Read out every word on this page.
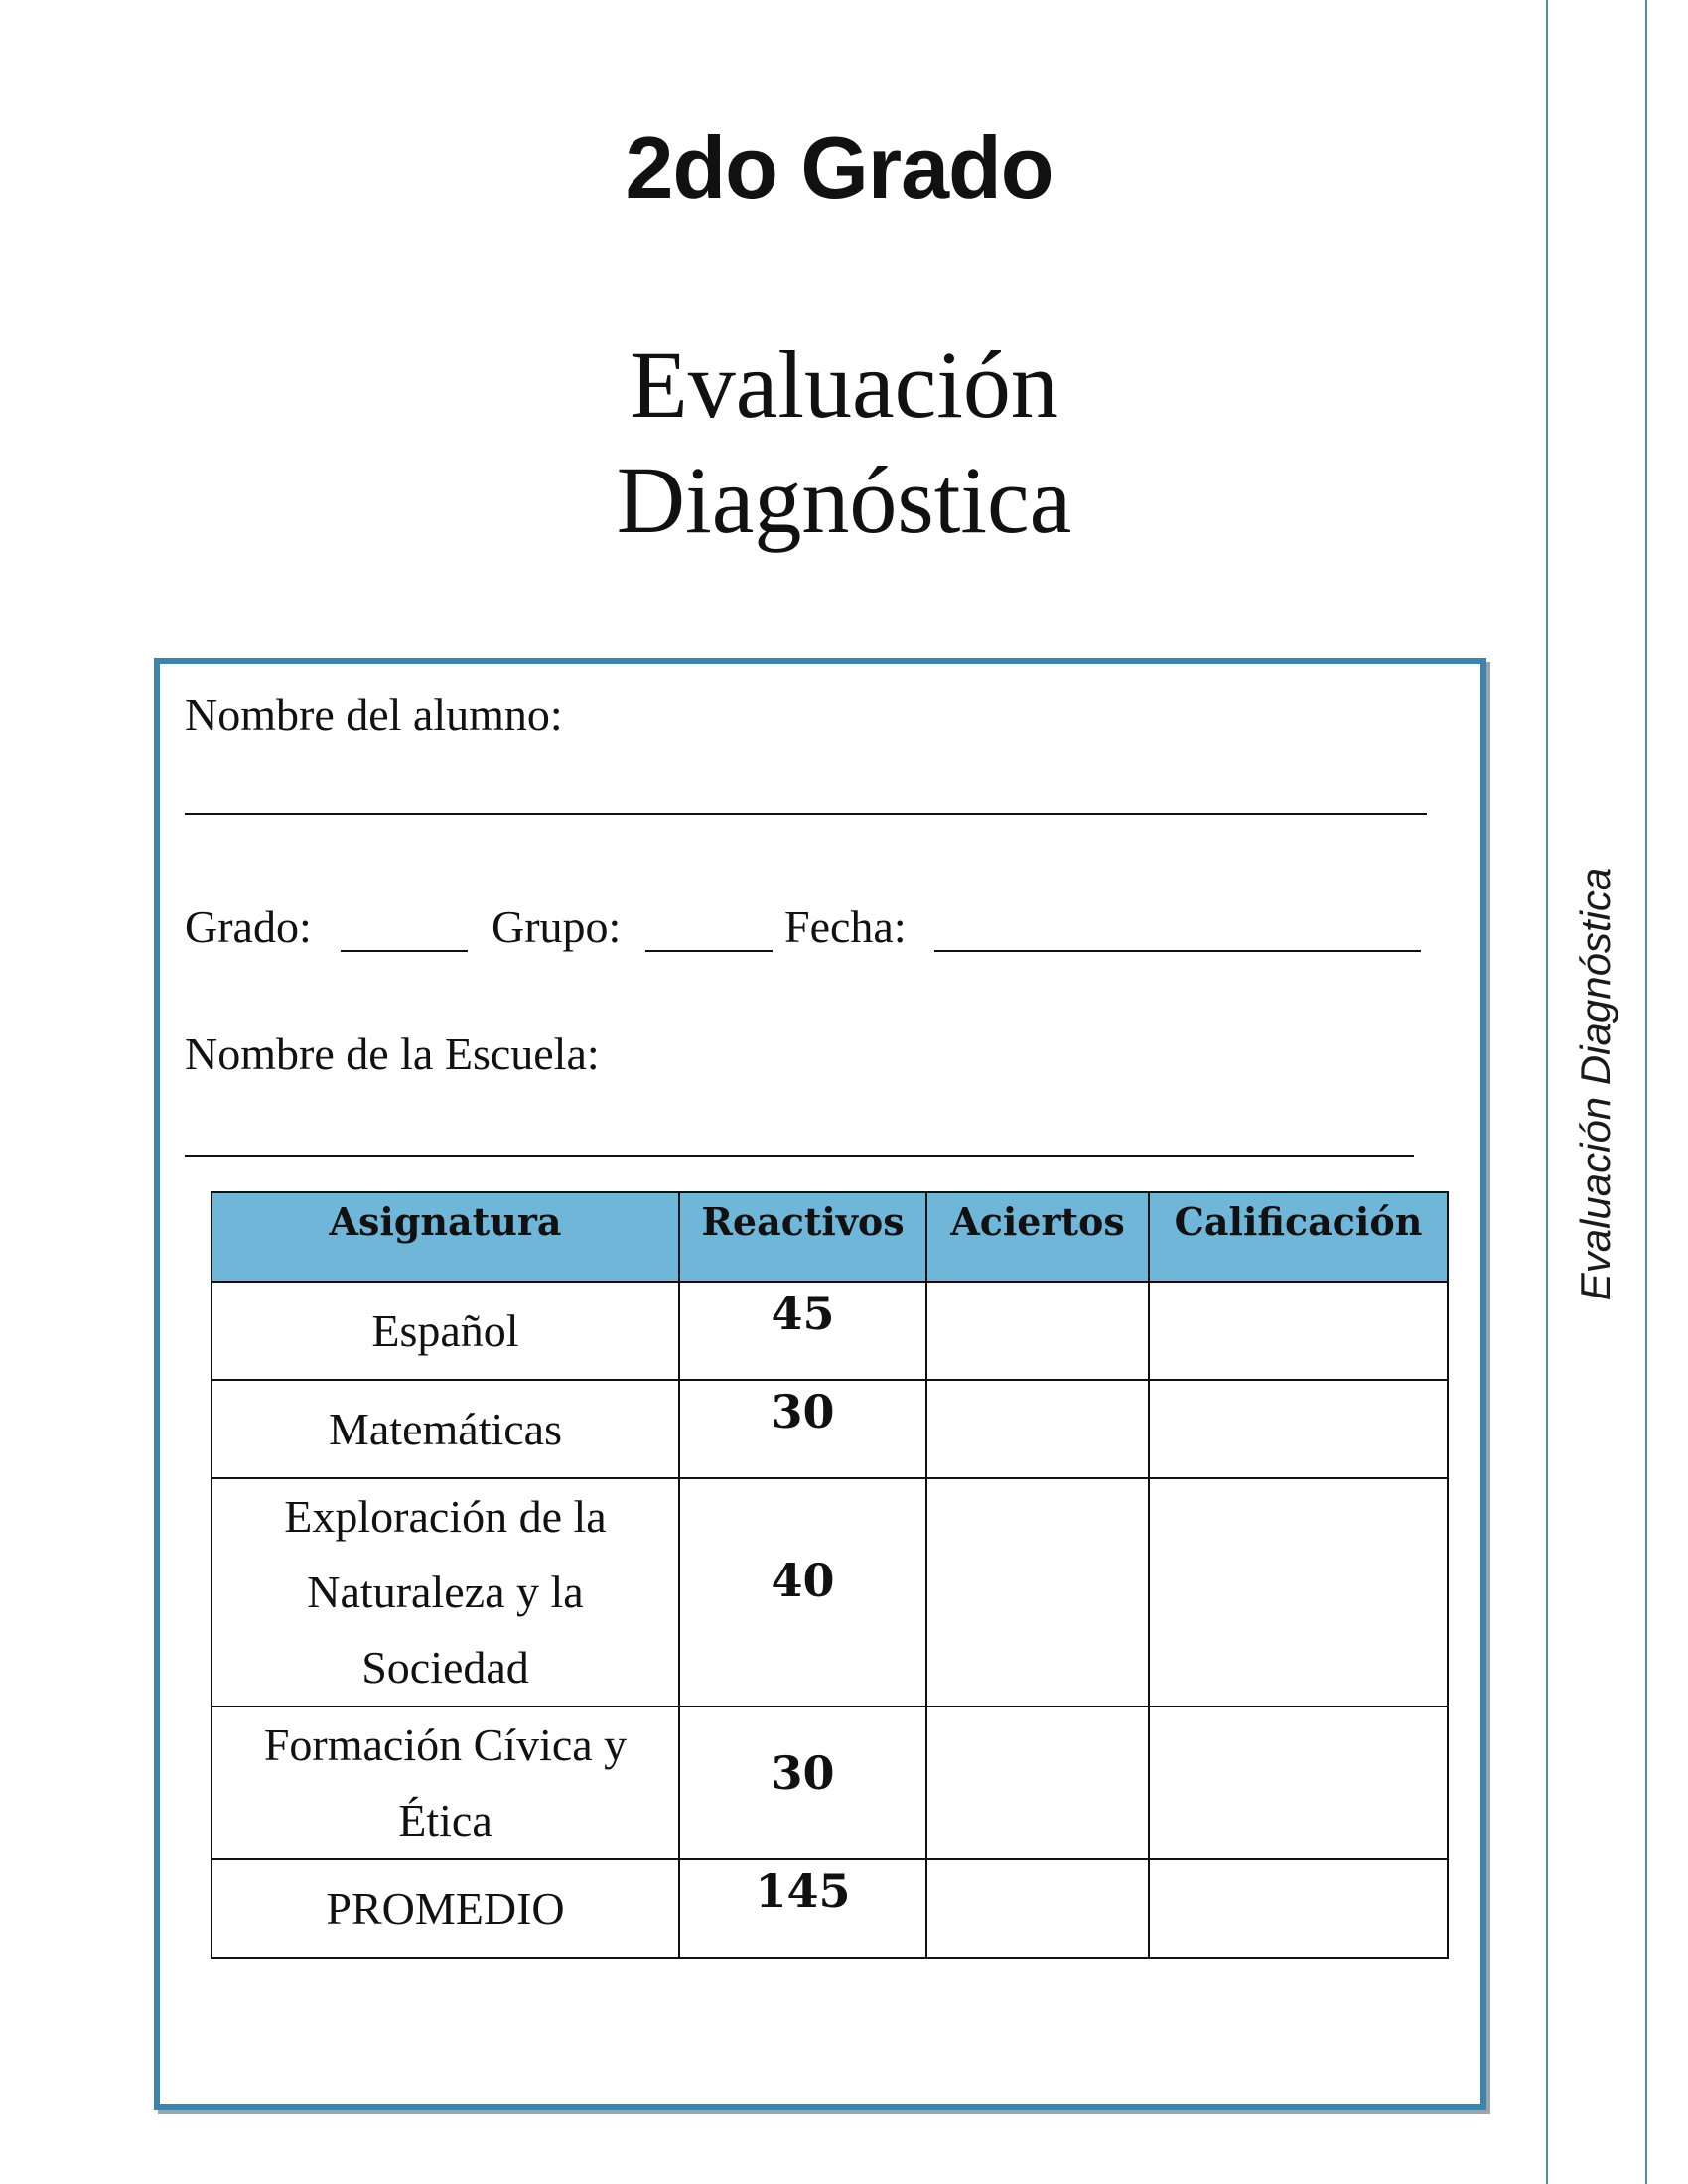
Evaluación Diagnóstica
2do Grado
Evaluación
Diagnóstica
Nombre del alumno:
Grado:	Grupo:	Fecha:
Nombre de la Escuela:
Asignatura	Reactivos	Aciertos	Calificación

Español	45		

Matemáticas	30		

Exploración de la
Naturaleza y la
Sociedad	40		

Formación Cívica y
Ética	30		

PROMEDIO	145		
